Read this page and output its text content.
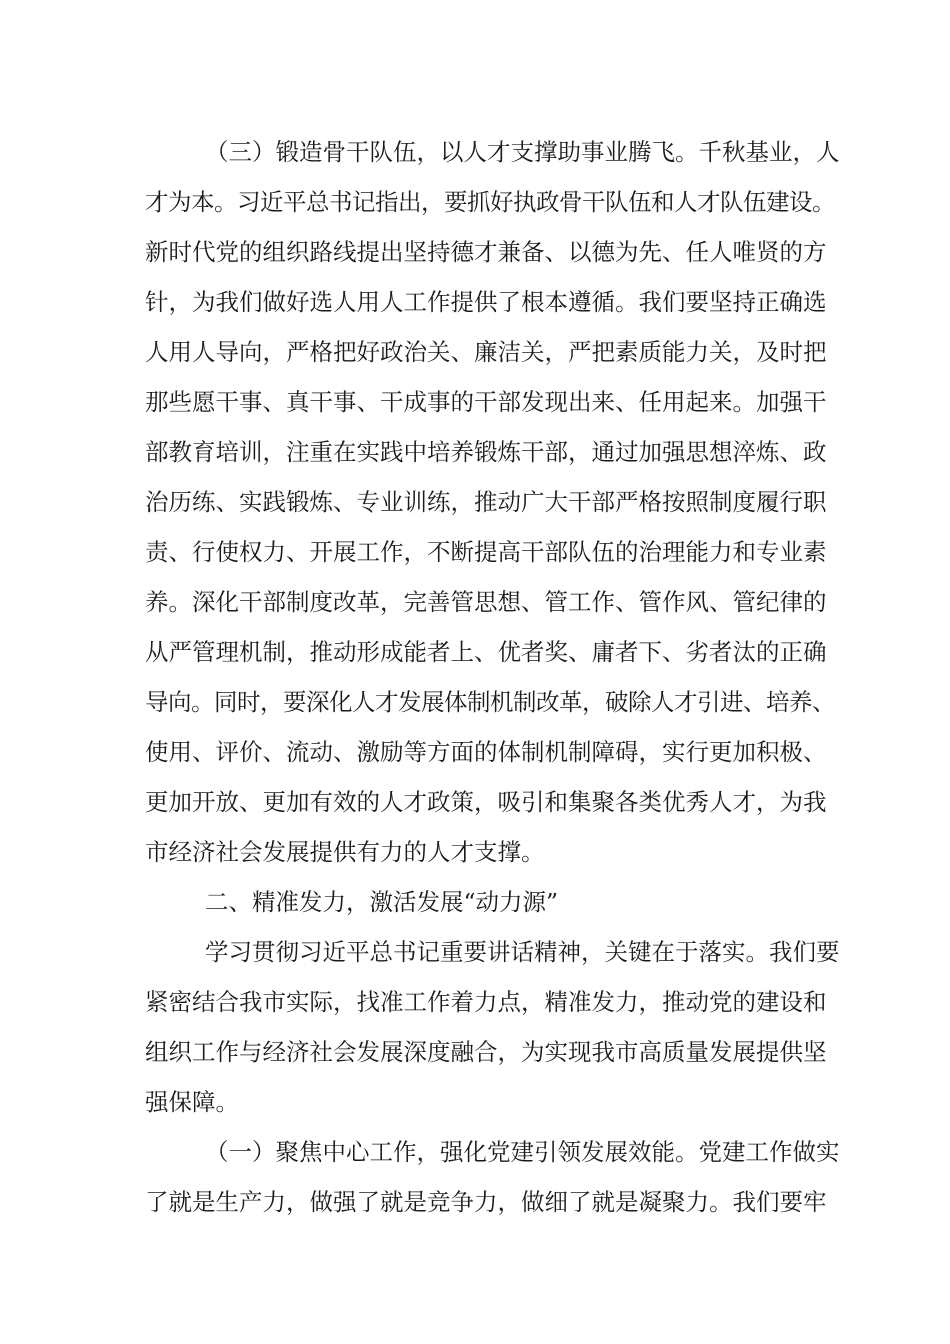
（三）锻造骨干队伍，以人才支撑助事业腾飞。千秋基业，人
才为本。习近平总书记指出，要抓好执政骨干队伍和人才队伍建设。
新时代党的组织路线提出坚持德才兼备、以德为先、任人唯贤的方
针，为我们做好选人用人工作提供了根本遵循。我们要坚持正确选
人用人导向，严格把好政治关、廉洁关，严把素质能力关，及时把
那些愿干事、真干事、干成事的干部发现出来、任用起来。加强干
部教育培训，注重在实践中培养锻炼干部，通过加强思想淬炼、政
治历练、实践锻炼、专业训练，推动广大干部严格按照制度履行职
责、行使权力、开展工作，不断提高干部队伍的治理能力和专业素
养。深化干部制度改革，完善管思想、管工作、管作风、管纪律的
从严管理机制，推动形成能者上、优者奖、庸者下、劣者汰的正确
导向。同时，要深化人才发展体制机制改革，破除人才引进、培养、
使用、评价、流动、激励等方面的体制机制障碍，实行更加积极、
更加开放、更加有效的人才政策，吸引和集聚各类优秀人才，为我
市经济社会发展提供有力的人才支撑。
二、精准发力，激活发展“动力源”
学习贯彻习近平总书记重要讲话精神，关键在于落实。我们要
紧密结合我市实际，找准工作着力点，精准发力，推动党的建设和
组织工作与经济社会发展深度融合，为实现我市高质量发展提供坚
强保障。
（一）聚焦中心工作，强化党建引领发展效能。党建工作做实
了就是生产力，做强了就是竞争力，做细了就是凝聚力。我们要牢
